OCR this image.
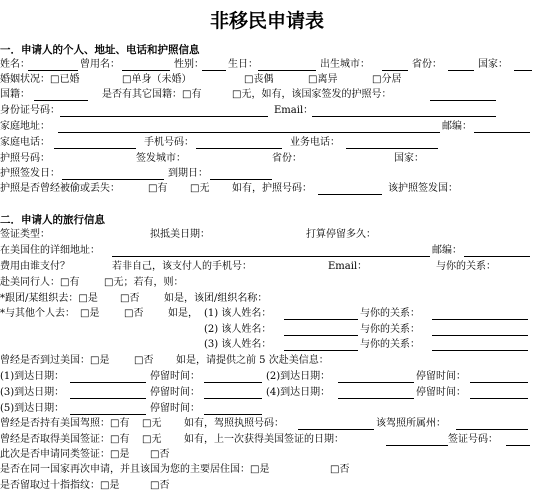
非移民申请表
一．申请人的个人、地址、电话和护照信息
二．申请人的旅行信息
姓名：	曾用名：	性别： 生日：	出生城市：	省份：	国家：
婚姻状况：□已婚	□单身（未婚）	□丧偶	□离异	□分居
国籍：	是否有其它国籍：□有	□无，如有，该国家签发的护照号：
身份证号码：	Email：
家庭地址：	邮编：
家庭电话：	手机号码：	业务电话：
护照号码：	签发城市：	省份：	国家：
护照签发日：	到期日：
护照是否曾经被偷或丢失：	□有 □无 如有，护照号码：	该护照签发国：
签证类型：	拟抵美日期：	打算停留多久：
在美国住的详细地址：	邮编：
费用由谁支付？	若非自己，该支付人的手机号：	Email：	与你的关系：
赴美同行人：□有 □无；若有，则：
*跟团/某组织去：□是 □否 如是，该团/组织名称：
*与其他个人去： □是 □否 如是， (1) 该人姓名：	与你的关系：
(2) 该人姓名：	与你的关系：
(3) 该人姓名：	与你的关系：
曾经是否到过美国：□是 □否 如是，请提供之前 5 次赴美信息：
(1)到达日期：	停留时间：	(2)到达日期：	停留时间：
(3)到达日期：	停留时间：	(4)到达日期：	停留时间：
(5)到达日期：	停留时间：
曾经是否持有美国驾照：□有 □无 如有，驾照执照号码：	该驾照所属州：
曾经是否取得美国签证：□有 □无 如有，上一次获得美国签证的日期：	签证号码：
此次是否申请同类签证：□是 □否
是否在同一国家再次申请，并且该国为您的主要居住国：□是	□否
是否留取过十指指纹：□是	□否
